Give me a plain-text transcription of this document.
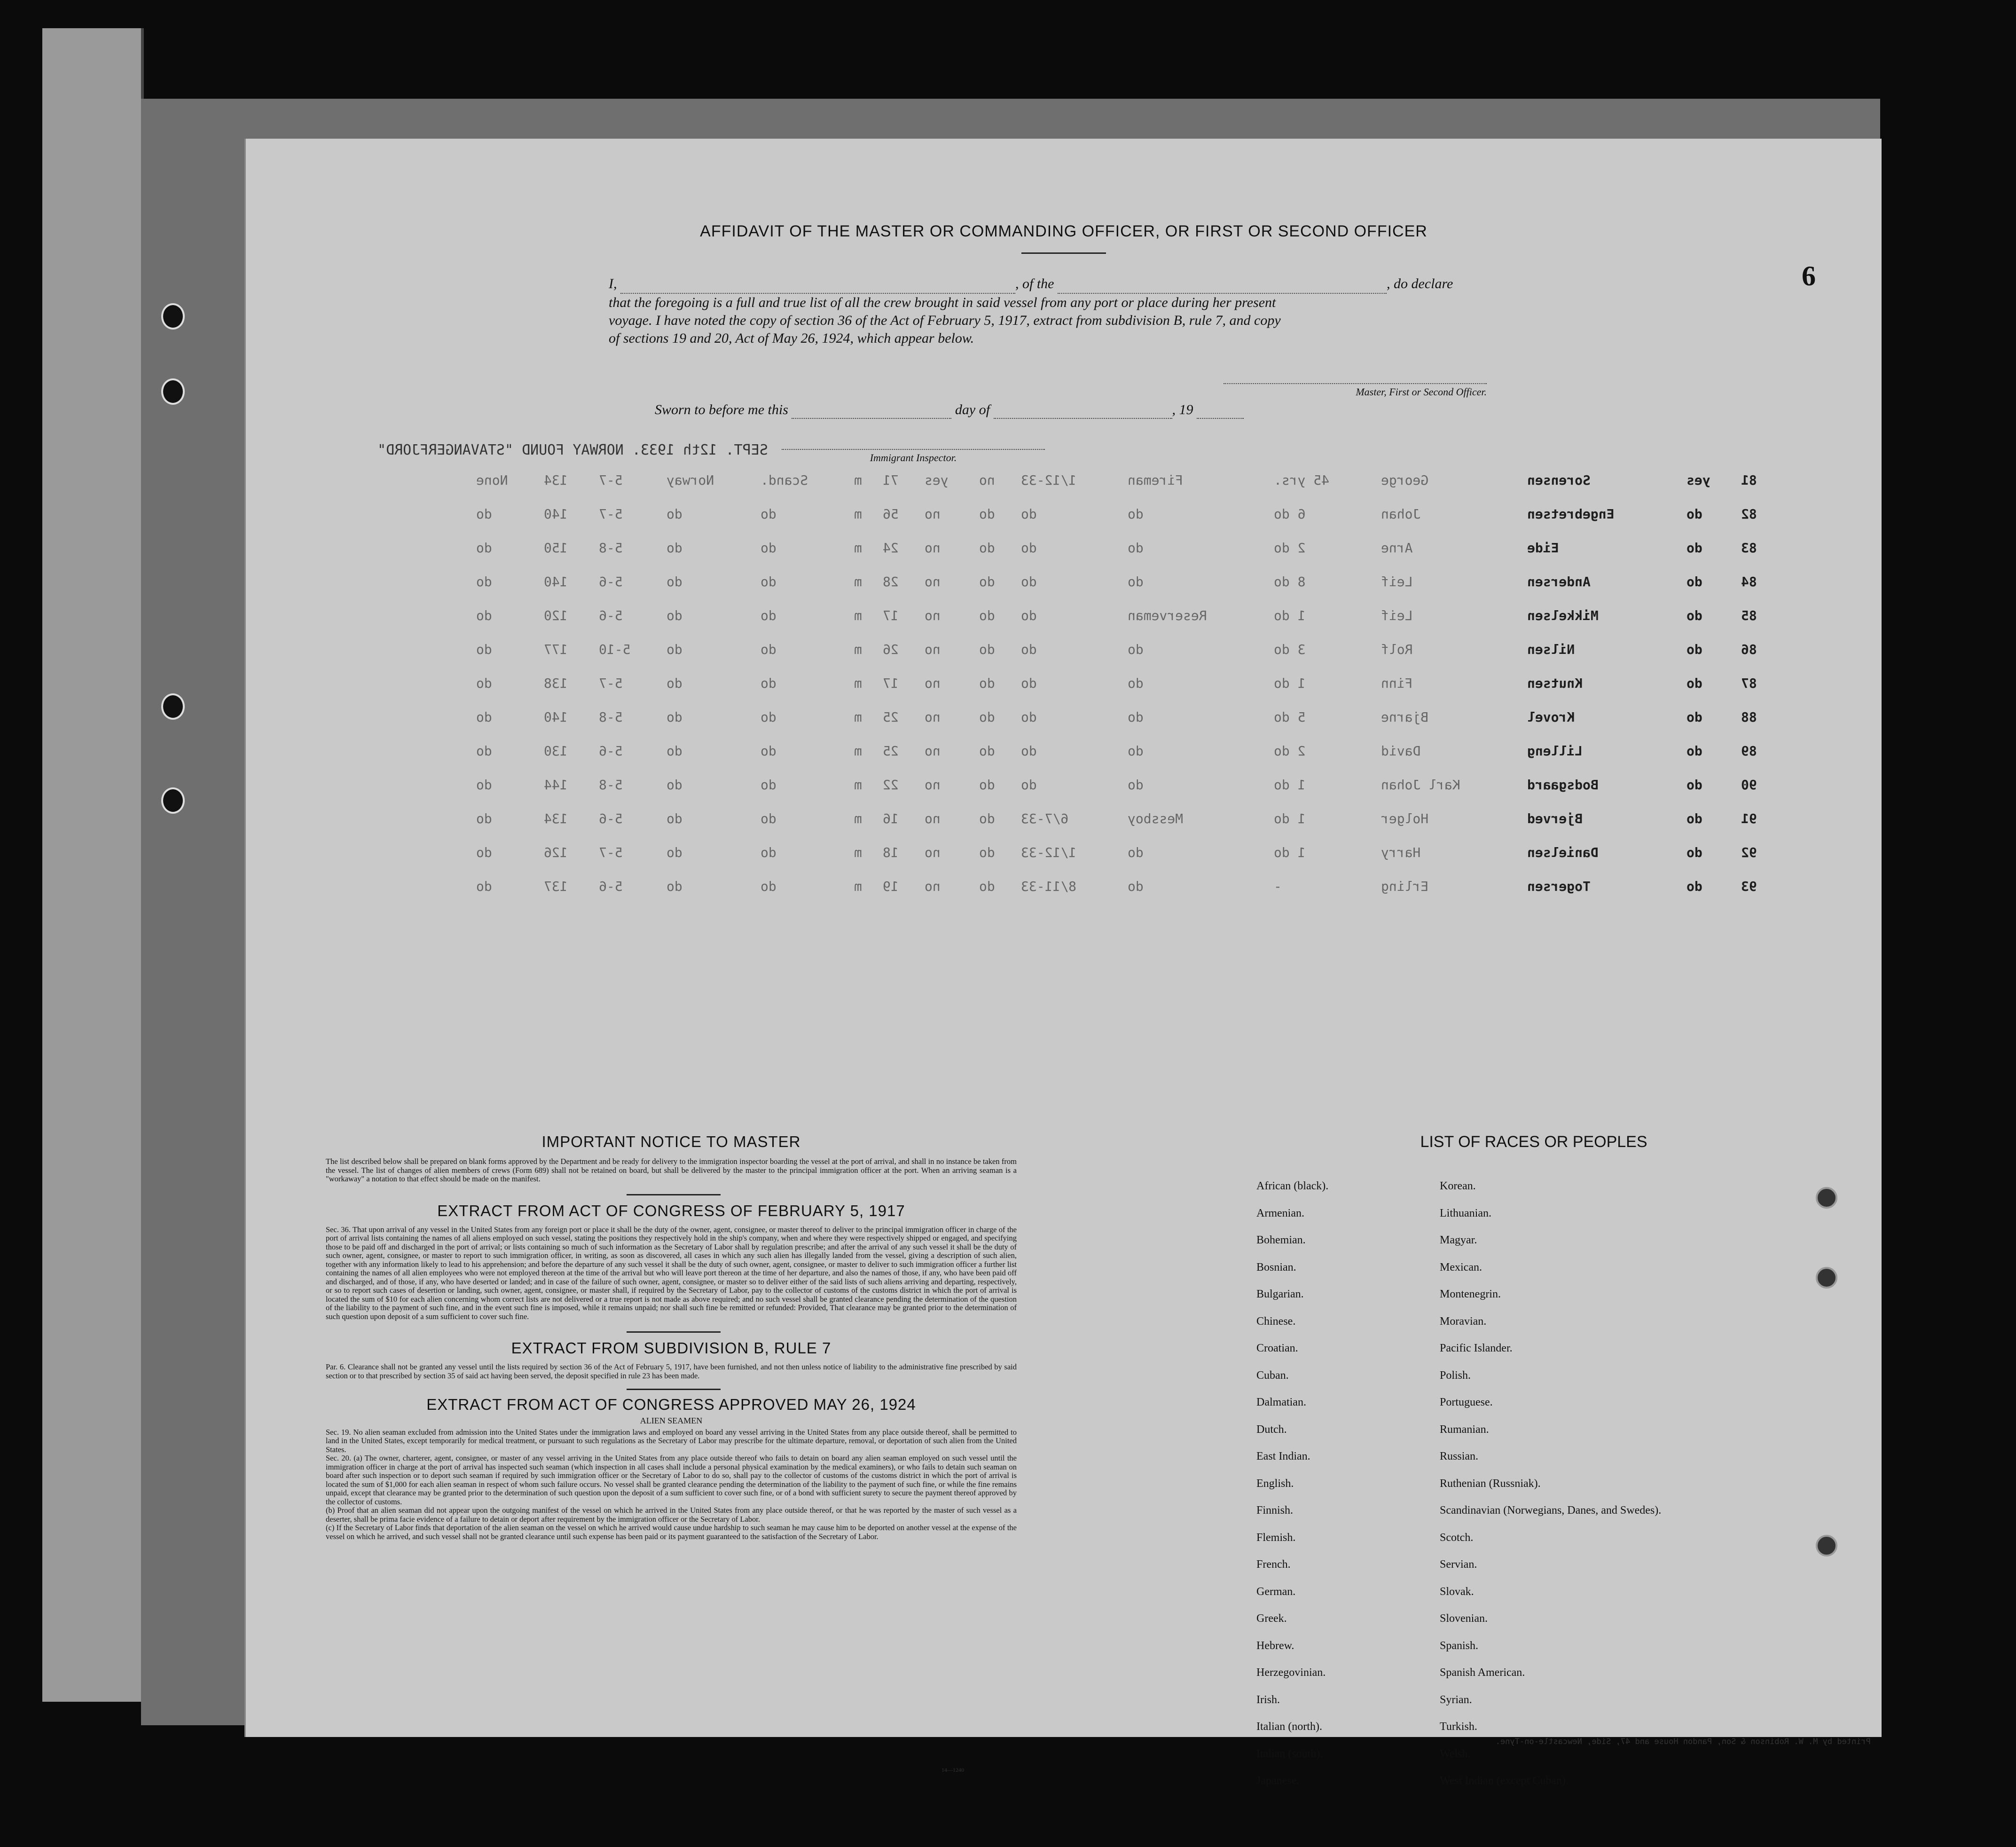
AFFIDAVIT OF THE MASTER OR COMMANDING OFFICER, OR FIRST OR SECOND OFFICER
6
SEPT. 12th 1933. NORWAY FOUND "STAVANGERFJORD"
I,	, of the	, do declare
that the foregoing is a full and true list of all the crew brought in said vessel from any port or place during her present
voyage. I have noted the copy of section 36 of the Act of February 5, 1917, extract from subdivision B, rule 7, and copy
of sections 19 and 20, Act of May 26, 1924, which appear below.
Master, First or Second Officer.
Sworn to before me this	day of	, 19
Immigrant Inspector.
None	134	5-7	Norway	Scand.	m	71	yes	no	1/12-33	Fireman	45 yrs.	George	Sorensen	yes	81
do	140	5-7	do	do	m	56	no	do	do	do	6 do	Johan	Engebretsen	do	82
do	150	5-8	do	do	m	24	no	do	do	do	2 do	Arne	Eide	do	83
do	140	5-6	do	do	m	28	no	do	do	do	8 do	Leif	Andersen	do	84
do	120	5-6	do	do	m	17	no	do	do	Reserveman	1 do	Leif	Mikkelsen	do	85
do	177	5-10	do	do	m	26	no	do	do	do	3 do	Rolf	Nilsen	do	86
do	138	5-7	do	do	m	17	no	do	do	do	1 do	Finn	Knutsen	do	87
do	140	5-8	do	do	m	25	no	do	do	do	5 do	Bjarne	Krovel	do	88
do	130	5-6	do	do	m	25	no	do	do	do	2 do	David	Lilleng	do	89
do	144	5-8	do	do	m	22	no	do	do	do	1 do	Karl Johan	Bodsgaard	do	90
do	134	5-6	do	do	m	16	no	do	6/7-33	Messboy	1 do	Holger	Bjerved	do	91
do	126	5-7	do	do	m	18	no	do	1/12-33	do	1 do	Harry	Danielsen	do	92
do	137	5-6	do	do	m	19	no	do	8/11-33	do	-	Erling	Togersen	do	93

IMPORTANT NOTICE TO MASTER

The list described below shall be prepared on blank forms approved by the Department and be ready for delivery to the immigration inspector boarding the vessel at the port of arrival, and shall in no instance be taken from the vessel. The list of changes of alien members of crews (Form 689) shall not be retained on board, but shall be delivered by the master to the principal immigration officer at the port. When an arriving seaman is a "workaway" a notation to that effect should be made on the manifest.

EXTRACT FROM ACT OF CONGRESS OF FEBRUARY 5, 1917

Sec. 36. That upon arrival of any vessel in the United States from any foreign port or place it shall be the duty of the owner, agent, consignee, or master thereof to deliver to the principal immigration officer in charge of the port of arrival lists containing the names of all aliens employed on such vessel, stating the positions they respectively hold in the ship's company, when and where they were respectively shipped or engaged, and specifying those to be paid off and discharged in the port of arrival; or lists containing so much of such information as the Secretary of Labor shall by regulation prescribe; and after the arrival of any such vessel it shall be the duty of such owner, agent, consignee, or master to report to such immigration officer, in writing, as soon as discovered, all cases in which any such alien has illegally landed from the vessel, giving a description of such alien, together with any information likely to lead to his apprehension; and before the departure of any such vessel it shall be the duty of such owner, agent, consignee, or master to deliver to such immigration officer a further list containing the names of all alien employees who were not employed thereon at the time of the arrival but who will leave port thereon at the time of her departure, and also the names of those, if any, who have been paid off and discharged, and of those, if any, who have deserted or landed; and in case of the failure of such owner, agent, consignee, or master so to deliver either of the said lists of such aliens arriving and departing, respectively, or so to report such cases of desertion or landing, such owner, agent, consignee, or master shall, if required by the Secretary of Labor, pay to the collector of customs of the customs district in which the port of arrival is located the sum of $10 for each alien concerning whom correct lists are not delivered or a true report is not made as above required; and no such vessel shall be granted clearance pending the determination of the question of the liability to the payment of such fine, and in the event such fine is imposed, while it remains unpaid; nor shall such fine be remitted or refunded: Provided, That clearance may be granted prior to the determination of such question upon deposit of a sum sufficient to cover such fine.

EXTRACT FROM SUBDIVISION B, RULE 7

Par. 6. Clearance shall not be granted any vessel until the lists required by section 36 of the Act of February 5, 1917, have been furnished, and not then unless notice of liability to the administrative fine prescribed by said section or to that prescribed by section 35 of said act having been served, the deposit specified in rule 23 has been made.

EXTRACT FROM ACT OF CONGRESS APPROVED MAY 26, 1924

ALIEN SEAMEN

Sec. 19. No alien seaman excluded from admission into the United States under the immigration laws and employed on board any vessel arriving in the United States from any place outside thereof, shall be permitted to land in the United States, except temporarily for medical treatment, or pursuant to such regulations as the Secretary of Labor may prescribe for the ultimate departure, removal, or deportation of such alien from the United States.

Sec. 20. (a) The owner, charterer, agent, consignee, or master of any vessel arriving in the United States from any place outside thereof who fails to detain on board any alien seaman employed on such vessel until the immigration officer in charge at the port of arrival has inspected such seaman (which inspection in all cases shall include a personal physical examination by the medical examiners), or who fails to detain such seaman on board after such inspection or to deport such seaman if required by such immigration officer or the Secretary of Labor to do so, shall pay to the collector of customs of the customs district in which the port of arrival is located the sum of $1,000 for each alien seaman in respect of whom such failure occurs. No vessel shall be granted clearance pending the determination of the liability to the payment of such fine, or while the fine remains unpaid, except that clearance may be granted prior to the determination of such question upon the deposit of a sum sufficient to cover such fine, or of a bond with sufficient surety to secure the payment thereof approved by the collector of customs.

(b) Proof that an alien seaman did not appear upon the outgoing manifest of the vessel on which he arrived in the United States from any place outside thereof, or that he was reported by the master of such vessel as a deserter, shall be prima facie evidence of a failure to detain or deport after requirement by the immigration officer or the Secretary of Labor.

(c) If the Secretary of Labor finds that deportation of the alien seaman on the vessel on which he arrived would cause undue hardship to such seaman he may cause him to be deported on another vessel at the expense of the vessel on which he arrived, and such vessel shall not be granted clearance until such expense has been paid or its payment guaranteed to the satisfaction of the Secretary of Labor.

14—1240
LIST OF RACES OR PEOPLES
African (black).	Korean.
Armenian.	Lithuanian.
Bohemian.	Magyar.
Bosnian.	Mexican.
Bulgarian.	Montenegrin.
Chinese.	Moravian.
Croatian.	Pacific Islander.
Cuban.	Polish.
Dalmatian.	Portuguese.
Dutch.	Rumanian.
East Indian.	Russian.
English.	Ruthenian (Russniak).
Finnish.	Scandinavian (Norwegians, Danes, and Swedes).
Flemish.	Scotch.
French.	Servian.
German.	Slovak.
Greek.	Slovenian.
Hebrew.	Spanish.
Herzegovinian.	Spanish American.
Irish.	Syrian.
Italian (north).	Turkish.
Italian (south).	Welsh.
Japanese.	West Indian (except Cuban).
Printed by M. W. Robinson & Son, Pandon House and 47, Side, Newcastle-on-Tyne.
